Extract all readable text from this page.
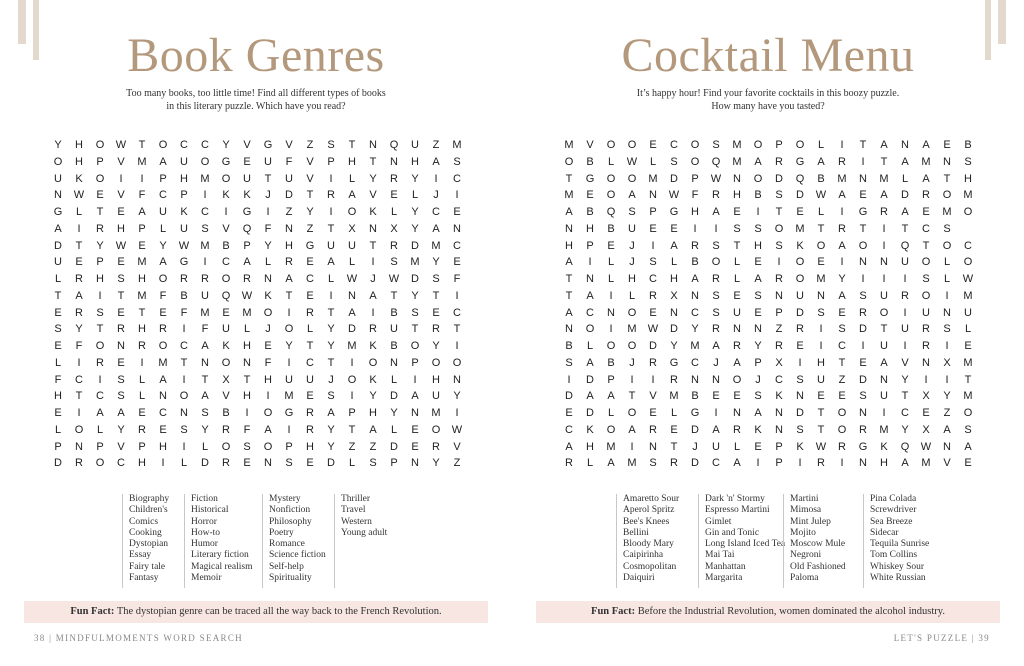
Book Genres
Too many books, too little time! Find all different types of books
in this literary puzzle. Which have you read?
Y	H	O	W	T	O	C	C	Y	V	G	V	Z	S	T	N	Q	U	Z	M
O	H	P	V	M	A	U	O	G	E	U	F	V	P	H	T	N	H	A	S
U	K	O	I	I	P	H	M	O	U	T	U	V	I	L	Y	R	Y	I	C
N	W	E	V	F	C	P	I	K	K	J	D	T	R	A	V	E	L	J	I
G	L	T	E	A	U	K	C	I	G	I	Z	Y	I	O	K	L	Y	C	E
A	I	R	H	P	L	U	S	V	Q	F	N	Z	T	X	N	X	Y	A	N
D	T	Y	W	E	Y	W	M	B	P	Y	H	G	U	U	T	R	D	M	C
U	E	P	E	M	A	G	I	C	A	L	R	E	A	L	I	S	M	Y	E
L	R	H	S	H	O	R	R	O	R	N	A	C	L	W	J	W	D	S	F
T	A	I	T	M	F	B	U	Q	W	K	T	E	I	N	A	T	Y	T	I
E	R	S	E	T	E	F	M	E	M	O	I	R	T	A	I	B	S	E	C
S	Y	T	R	H	R	I	F	U	L	J	O	L	Y	D	R	U	T	R	T
E	F	O	N	R	O	C	A	K	H	E	Y	T	Y	M	K	B	O	Y	I
L	I	R	E	I	M	T	N	O	N	F	I	C	T	I	O	N	P	O	O
F	C	I	S	L	A	I	T	X	T	H	U	U	J	O	K	L	I	H	N
H	T	C	S	L	N	O	A	V	H	I	M	E	S	I	Y	D	A	U	Y
E	I	A	A	E	C	N	S	B	I	O	G	R	A	P	H	Y	N	M	I
L	O	L	Y	R	E	S	Y	R	F	A	I	R	Y	T	A	L	E	O	W
P	N	P	V	P	H	I	L	O	S	O	P	H	Y	Z	Z	D	E	R	V
D	R	O	C	H	I	L	D	R	E	N	S	E	D	L	S	P	N	Y	Z
Biography
Children's
Comics
Cooking
Dystopian
Essay
Fairy tale
Fantasy
Fiction
Historical
Horror
How-to
Humor
Literary fiction
Magical realism
Memoir
Mystery
Nonfiction
Philosophy
Poetry
Romance
Science fiction
Self-help
Spirituality
Thriller
Travel
Western
Young adult
Fun Fact: The dystopian genre can be traced all the way back to the French Revolution.
38 | MINDFULMOMENTS WORD SEARCH
Cocktail Menu
It’s happy hour! Find your favorite cocktails in this boozy puzzle.
How many have you tasted?
M	V	O	O	E	C	O	S	M	O	P	O	L	I	T	A	N	A	E	B
O	B	L	W	L	S	O	Q	M	A	R	G	A	R	I	T	A	M	N	S
T	G	O	O	M	D	P	W	N	O	D	Q	B	M	N	M	L	A	T	H
M	E	O	A	N	W	F	R	H	B	S	D	W	A	E	A	D	R	O	M
A	B	Q	S	P	G	H	A	E	I	T	E	L	I	G	R	A	E	M	O
N	H	B	U	E	E	I	I	S	S	O	M	T	R	T	I	T	C	S
H	P	E	J	I	A	R	S	T	H	S	K	O	A	O	I	Q	T	O	C
A	I	L	J	S	L	B	O	L	E	I	O	E	I	N	N	U	O	L	O
T	N	L	H	C	H	A	R	L	A	R	O	M	Y	I	I	I	S	L	W
T	A	I	L	R	X	N	S	E	S	N	U	N	A	S	U	R	O	I	M
A	C	N	O	E	N	C	S	U	E	P	D	S	E	R	O	I	U	N	U
N	O	I	M	W	D	Y	R	N	N	Z	R	I	S	D	T	U	R	S	L
B	L	O	O	D	Y	M	A	R	Y	R	E	I	C	I	U	I	R	I	E
S	A	B	J	R	G	C	J	A	P	X	I	H	T	E	A	V	N	X	M
I	D	P	I	I	R	N	N	O	J	C	S	U	Z	D	N	Y	I	I	T
D	A	A	T	V	M	B	E	E	S	K	N	E	E	S	U	T	X	Y	M
E	D	L	O	E	L	G	I	N	A	N	D	T	O	N	I	C	E	Z	O
C	K	O	A	R	E	D	A	R	K	N	S	T	O	R	M	Y	X	A	S
A	H	M	I	N	T	J	U	L	E	P	K	W	R	G	K	Q	W	N	A
R	L	A	M	S	R	D	C	A	I	P	I	R	I	N	H	A	M	V	E
Amaretto Sour
Aperol Spritz
Bee's Knees
Bellini
Bloody Mary
Caipirinha
Cosmopolitan
Daiquiri
Dark 'n' Stormy
Espresso Martini
Gimlet
Gin and Tonic
Long Island Iced Tea
Mai Tai
Manhattan
Margarita
Martini
Mimosa
Mint Julep
Mojito
Moscow Mule
Negroni
Old Fashioned
Paloma
Pina Colada
Screwdriver
Sea Breeze
Sidecar
Tequila Sunrise
Tom Collins
Whiskey Sour
White Russian
Fun Fact: Before the Industrial Revolution, women dominated the alcohol industry.
LET'S PUZZLE | 39
